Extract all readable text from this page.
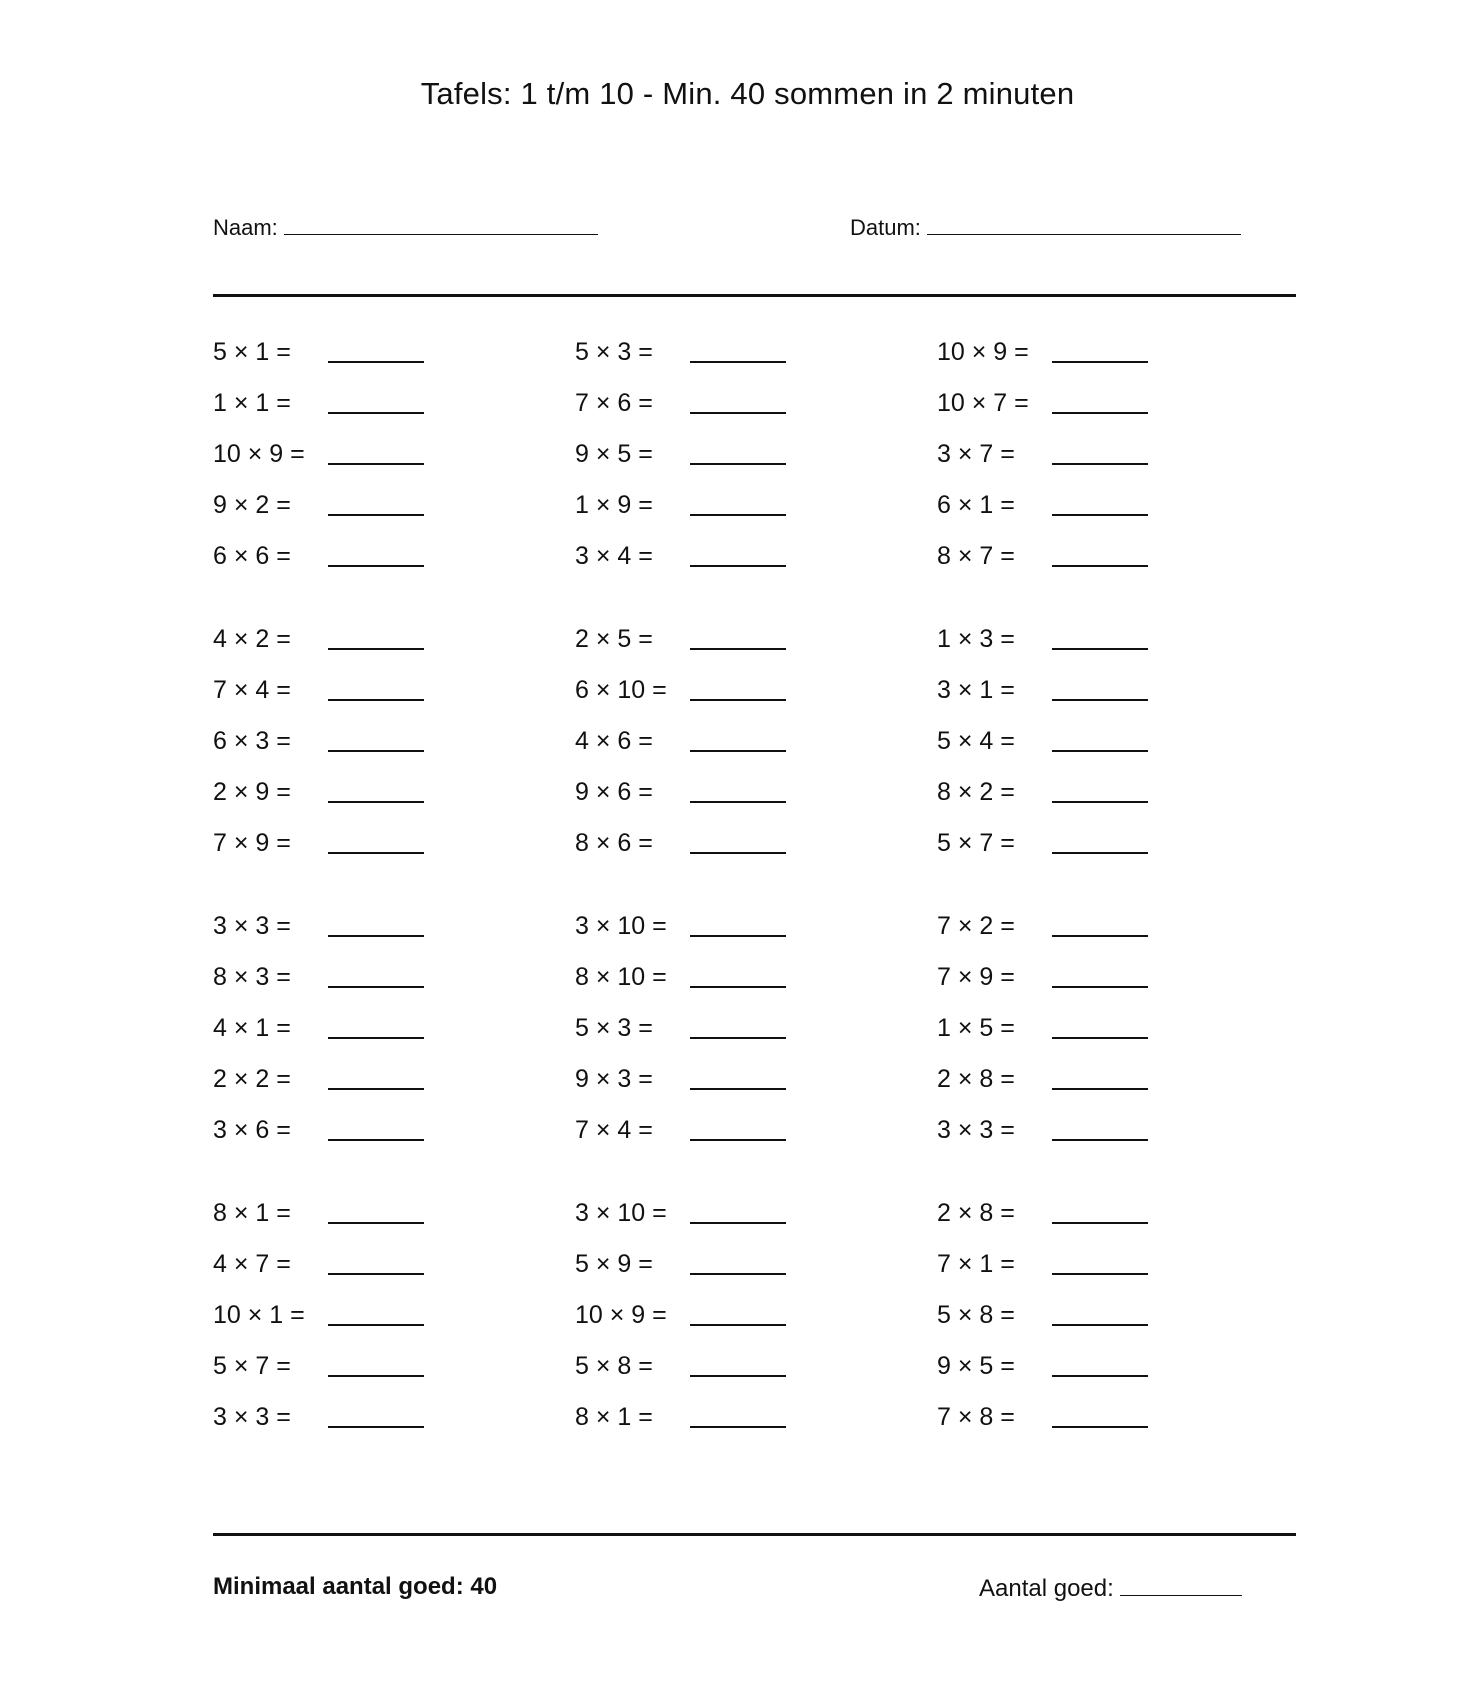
Tafels: 1 t/m 10 - Min. 40 sommen in 2 minuten
Naam:	Datum:
5 × 1 =
1 × 1 =
10 × 9 =
9 × 2 =
6 × 6 =
4 × 2 =
7 × 4 =
6 × 3 =
2 × 9 =
7 × 9 =
3 × 3 =
8 × 3 =
4 × 1 =
2 × 2 =
3 × 6 =
8 × 1 =
4 × 7 =
10 × 1 =
5 × 7 =
3 × 3 =
5 × 3 =
7 × 6 =
9 × 5 =
1 × 9 =
3 × 4 =
2 × 5 =
6 × 10 =
4 × 6 =
9 × 6 =
8 × 6 =
3 × 10 =
8 × 10 =
5 × 3 =
9 × 3 =
7 × 4 =
3 × 10 =
5 × 9 =
10 × 9 =
5 × 8 =
8 × 1 =
10 × 9 =
10 × 7 =
3 × 7 =
6 × 1 =
8 × 7 =
1 × 3 =
3 × 1 =
5 × 4 =
8 × 2 =
5 × 7 =
7 × 2 =
7 × 9 =
1 × 5 =
2 × 8 =
3 × 3 =
2 × 8 =
7 × 1 =
5 × 8 =
9 × 5 =
7 × 8 =
Minimaal aantal goed: 40	Aantal goed:
